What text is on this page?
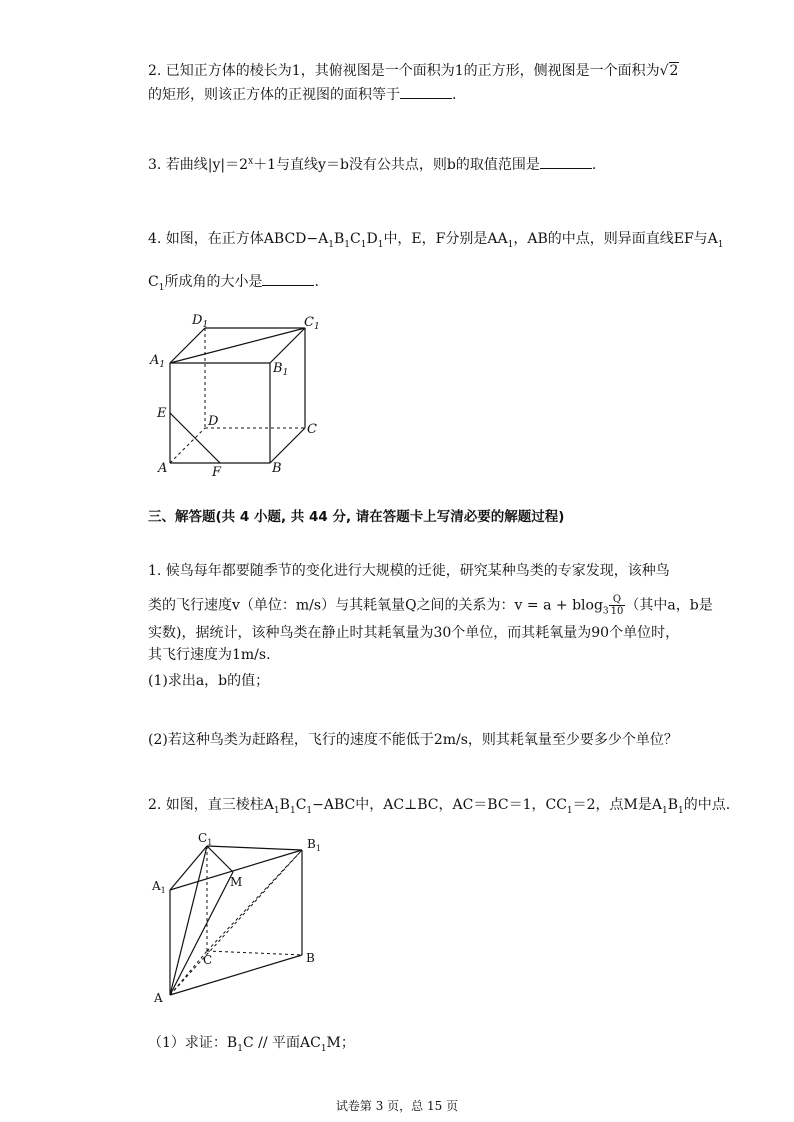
2. 已知正方体的棱长为1，其俯视图是一个面积为1的正方形，侧视图是一个面积为√2
的矩形，则该正方体的正视图的面积等于	.
3. 若曲线$|y|=2^x+1$与直线y＝b没有公共点，则b的取值范围是	.
4. 如图，在正方体$ABCD-A_1B_1C_1D_1$中，E，F分别是$AA_1$，AB的中点，则异面直线EF与$A_1$
$C_1$所成角的大小是	.
$D_1$	$C_1$
$A_1$	$B_1$
E
D
C
A	F	B
三、解答题(共 4 小题, 共 44 分, 请在答题卡上写清必要的解题过程)
1. 候鸟每年都要随季节的变化进行大规模的迁徙，研究某种鸟类的专家发现，该种鸟
类的飞行速度v（单位：m/s）与其耗氧量Q之间的关系为：$v = a + blog_3 \frac{Q}{10}$ （其中a，b是
实数)，据统计，该种鸟类在静止时其耗氧量为30个单位，而其耗氧量为90个单位时，
其飞行速度为1m/s.
(1)求出a，b的值；
(2)若这种鸟类为赶路程，飞行的速度不能低于2m/s，则其耗氧量至少要多少个单位？
2. 如图，直三棱柱$A_1B_1C_1-ABC$中，AC⊥BC，AC＝BC＝1，$CC_1=2$，点M是$A_1B_1$的中点.
$C_1$	$B_1$
$A_1$
M
C	B
A
（1）求证：$B_1C$ // 平面$AC_1M$；
试卷第 3 页，总 15 页
